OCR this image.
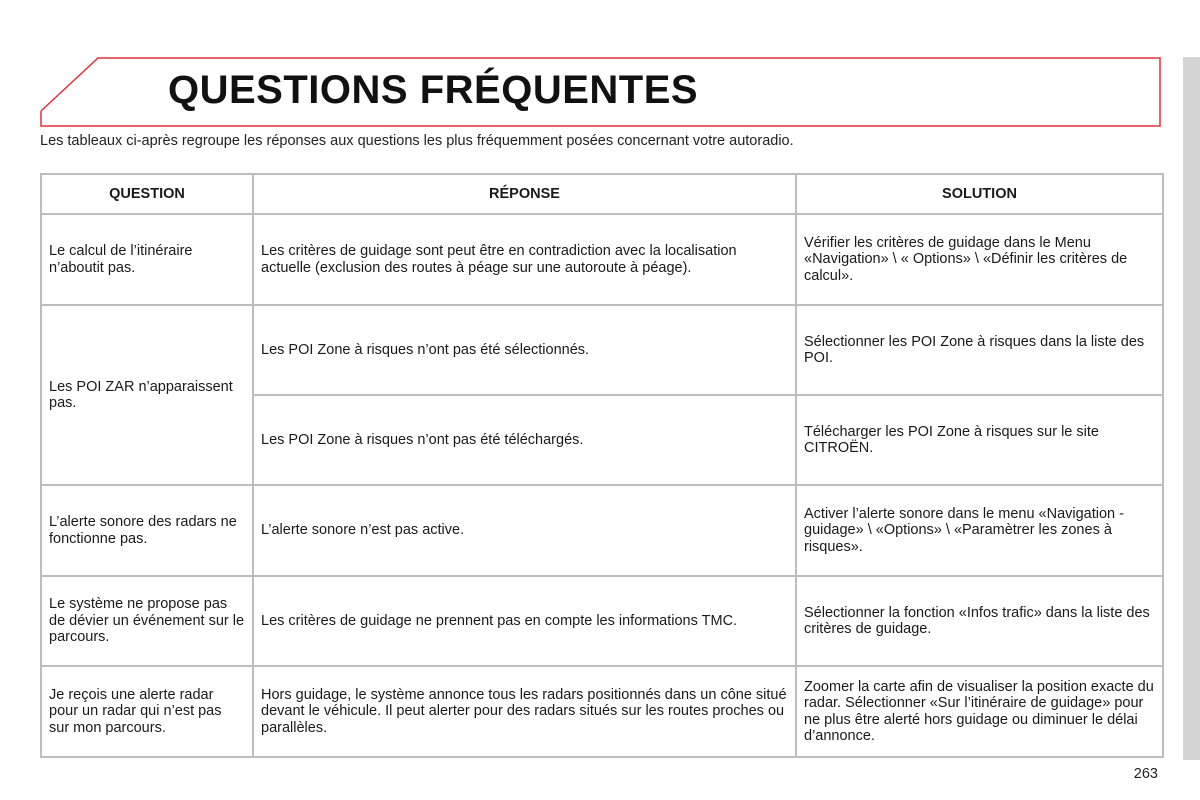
QUESTIONS FRÉQUENTES

Les tableaux ci-après regroupe les réponses aux questions les plus fréquemment posées concernant votre autoradio.

QUESTION	RÉPONSE	SOLUTION
Le calcul de l’itinéraire n’aboutit pas.	Les critères de guidage sont peut être en contradiction avec la localisation actuelle (exclusion des routes à péage sur une autoroute à péage).	Vérifier les critères de guidage dans le Menu «Navigation» \ « Options» \ «Définir les critères de calcul».
Les POI ZAR n’apparaissent pas.	Les POI Zone à risques n’ont pas été sélectionnés.	Sélectionner les POI Zone à risques dans la liste des POI.
	Les POI Zone à risques n’ont pas été téléchargés.	Télécharger les POI Zone à risques sur le site CITROËN.
L’alerte sonore des radars ne fonctionne pas.	L’alerte sonore n’est pas active.	Activer l’alerte sonore dans le menu «Navigation - guidage» \ «Options» \ «Paramètrer les zones à risques».
Le système ne propose pas de dévier un événement sur le parcours.	Les critères de guidage ne prennent pas en compte les informations TMC.	Sélectionner la fonction «Infos trafic» dans la liste des critères de guidage.
Je reçois une alerte radar pour un radar qui n’est pas sur mon parcours.	Hors guidage, le système annonce tous les radars positionnés dans un cône situé devant le véhicule. Il peut alerter pour des radars situés sur les routes proches ou parallèles.	Zoomer la carte afin de visualiser la position exacte du radar. Sélectionner «Sur l’itinéraire de guidage» pour ne plus être alerté hors guidage ou diminuer le délai d’annonce.

263
